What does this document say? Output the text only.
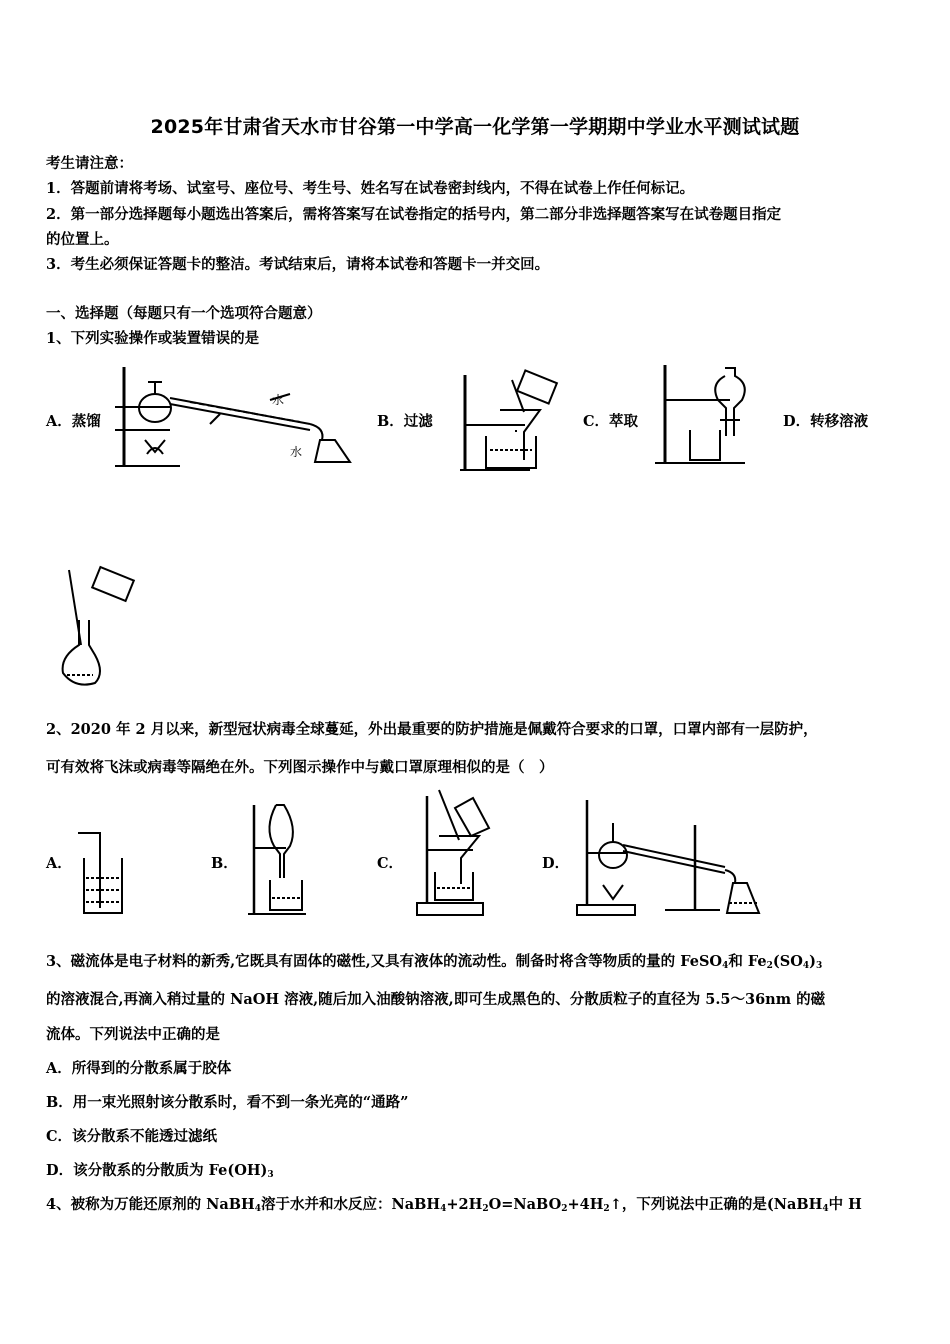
2025年甘肃省天水市甘谷第一中学高一化学第一学期期中学业水平测试试题
考生请注意：
1．答题前请将考场、试室号、座位号、考生号、姓名写在试卷密封线内，不得在试卷上作任何标记。
2．第一部分选择题每小题选出答案后，需将答案写在试卷指定的括号内，第二部分非选择题答案写在试卷题目指定
的位置上。
3．考生必须保证答题卡的整洁。考试结束后，请将本试卷和答题卡一并交回。
一、选择题（每题只有一个选项符合题意）
1、下列实验操作或装置错误的是
A．蒸馏	B．过滤	C．萃取	D．转移溶液
水
水
2、2020 年 2 月以来，新型冠状病毒全球蔓延，外出最重要的防护措施是佩戴符合要求的口罩，口罩内部有一层防护，
可有效将飞沫或病毒等隔绝在外。下列图示操作中与戴口罩原理相似的是（　）
A．	B．	C．	D．
3、磁流体是电子材料的新秀,它既具有固体的磁性,又具有液体的流动性。制备时将含等物质的量的 FeSO$_4$和 $Fe_2(SO_4)_3$
的溶液混合,再滴入稍过量的 NaOH 溶液,随后加入油酸钠溶液,即可生成黑色的、分散质粒子的直径为 5.5～36nm 的磁
流体。下列说法中正确的是
A．所得到的分散系属于胶体
B．用一束光照射该分散系时，看不到一条光亮的“通路”
C．该分散系不能透过滤纸
D．该分散系的分散质为 $Fe(OH)_3$
4、被称为万能还原剂的 NaBH$_4$溶于水并和水反应：$NaBH_4+2H_2O=NaBO_2+4H_2↑$，下列说法中正确的是(NaBH$_4$中 H
